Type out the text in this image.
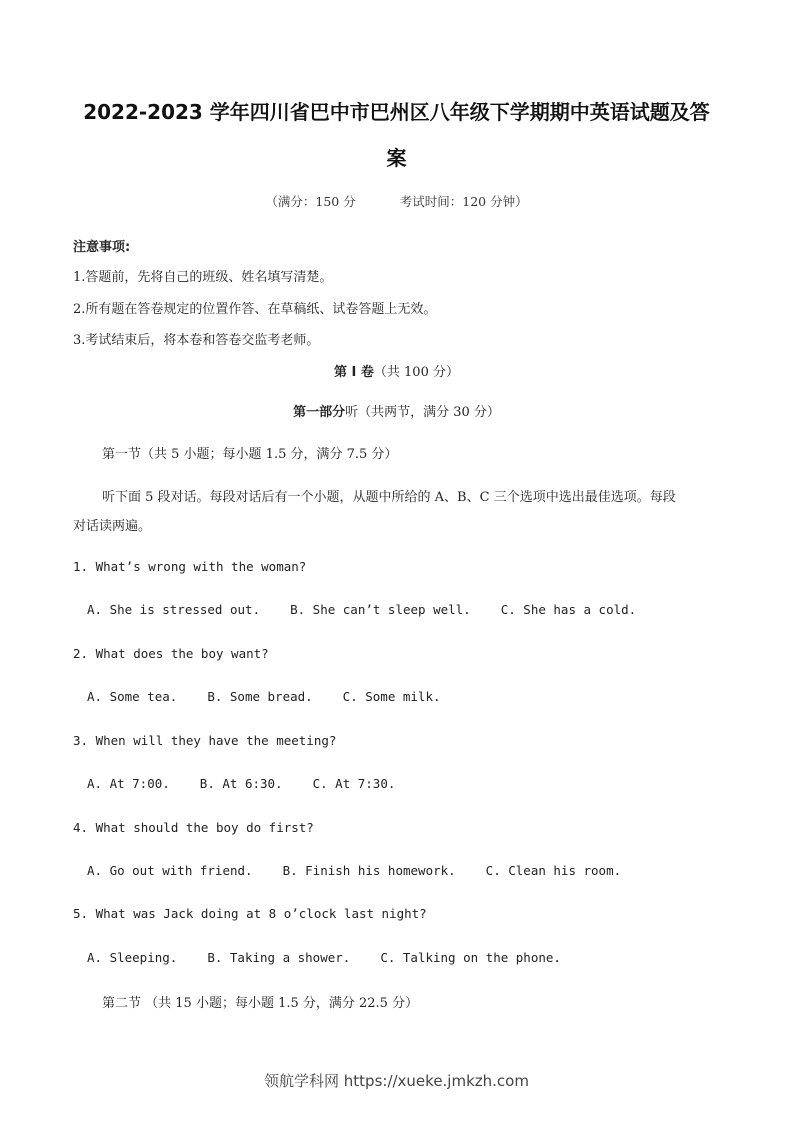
2022-2023 学年四川省巴中市巴州区八年级下学期期中英语试题及答
案
（满分：150 分	考试时间：120 分钟）
注意事项:
1.答题前，先将自己的班级、姓名填写清楚。
2.所有题在答卷规定的位置作答、在草稿纸、试卷答题上无效。
3.考试结束后，将本卷和答卷交监考老师。
第 I 卷（共 100 分）
第一部分听（共两节，满分 30 分）
第一节（共 5 小题；每小题 1.5 分，满分 7.5 分）
听下面 5 段对话。每段对话后有一个小题，从题中所给的 A、B、C 三个选项中选出最佳选项。每段
对话读两遍。
1. What’s wrong with the woman?
A. She is stressed out. B. She can’t sleep well. C. She has a cold.
2. What does the boy want?
A. Some tea. B. Some bread. C. Some milk.
3. When will they have the meeting?
A. At 7:00. B. At 6:30. C. At 7:30.
4. What should the boy do first?
A. Go out with friend. B. Finish his homework. C. Clean his room.
5. What was Jack doing at 8 o’clock last night?
A. Sleeping. B. Taking a shower. C. Talking on the phone.
第二节 （共 15 小题；每小题 1.5 分，满分 22.5 分）
领航学科网 https://xueke.jmkzh.com
